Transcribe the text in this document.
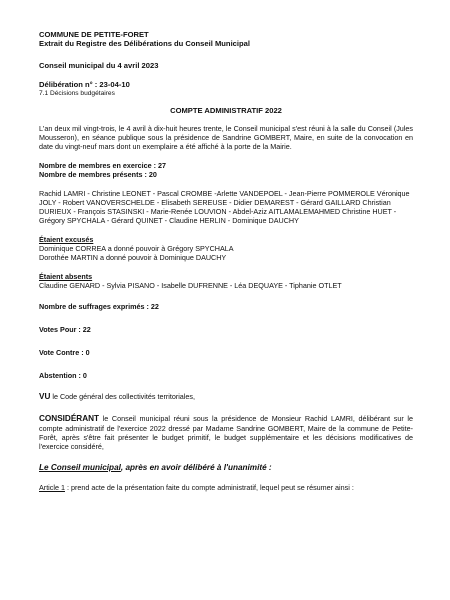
COMMUNE DE PETITE-FORET

Extrait du Registre des Délibérations du Conseil Municipal

Conseil municipal du 4 avril 2023

Délibération n° : 23-04-10

7.1 Décisions budgétaires

COMPTE ADMINISTRATIF 2022

L'an deux mil vingt-trois, le 4 avril à dix-huit heures trente, le Conseil municipal s'est réuni à la salle du Conseil (Jules Mousseron), en séance publique sous la présidence de Sandrine GOMBERT, Maire, en suite de la convocation en date du vingt-neuf mars dont un exemplaire a été affiché à la porte de la Mairie.

Nombre de membres en exercice : 27

Nombre de membres présents : 20

Rachid LAMRI - Christine LEONET - Pascal CROMBE -Arlette VANDEPOEL - Jean-Pierre POMMEROLE Véronique JOLY - Robert VANOVERSCHELDE - Elisabeth SEREUSE - Didier DEMAREST - Gérard GAILLARD Christian DURIEUX - François STASINSKI - Marie-Renée LOUVION - Abdel-Aziz AITLAMALEMAHMED Christine HUET - Grégory SPYCHALA - Gérard QUINET - Claudine HERLIN - Dominique DAUCHY

Étaient excusés

Dominique CORREA a donné pouvoir à Grégory SPYCHALA

Dorothée MARTIN a donné pouvoir à Dominique DAUCHY

Étaient absents

Claudine GENARD - Sylvia PISANO - Isabelle DUFRENNE - Léa DEQUAYE - Tiphanie OTLET

Nombre de suffrages exprimés : 22

Votes Pour : 22

Vote Contre : 0

Abstention : 0

VU le Code général des collectivités territoriales,

CONSIDÉRANT le Conseil municipal réuni sous la présidence de Monsieur Rachid LAMRI, délibérant sur le compte administratif de l'exercice 2022 dressé par Madame Sandrine GOMBERT, Maire de la commune de Petite-Forêt, après s'être fait présenter le budget primitif, le budget supplémentaire et les décisions modificatives de l'exercice considéré,

Le Conseil municipal, après en avoir délibéré à l'unanimité :

Article 1 : prend acte de la présentation faite du compte administratif, lequel peut se résumer ainsi :
